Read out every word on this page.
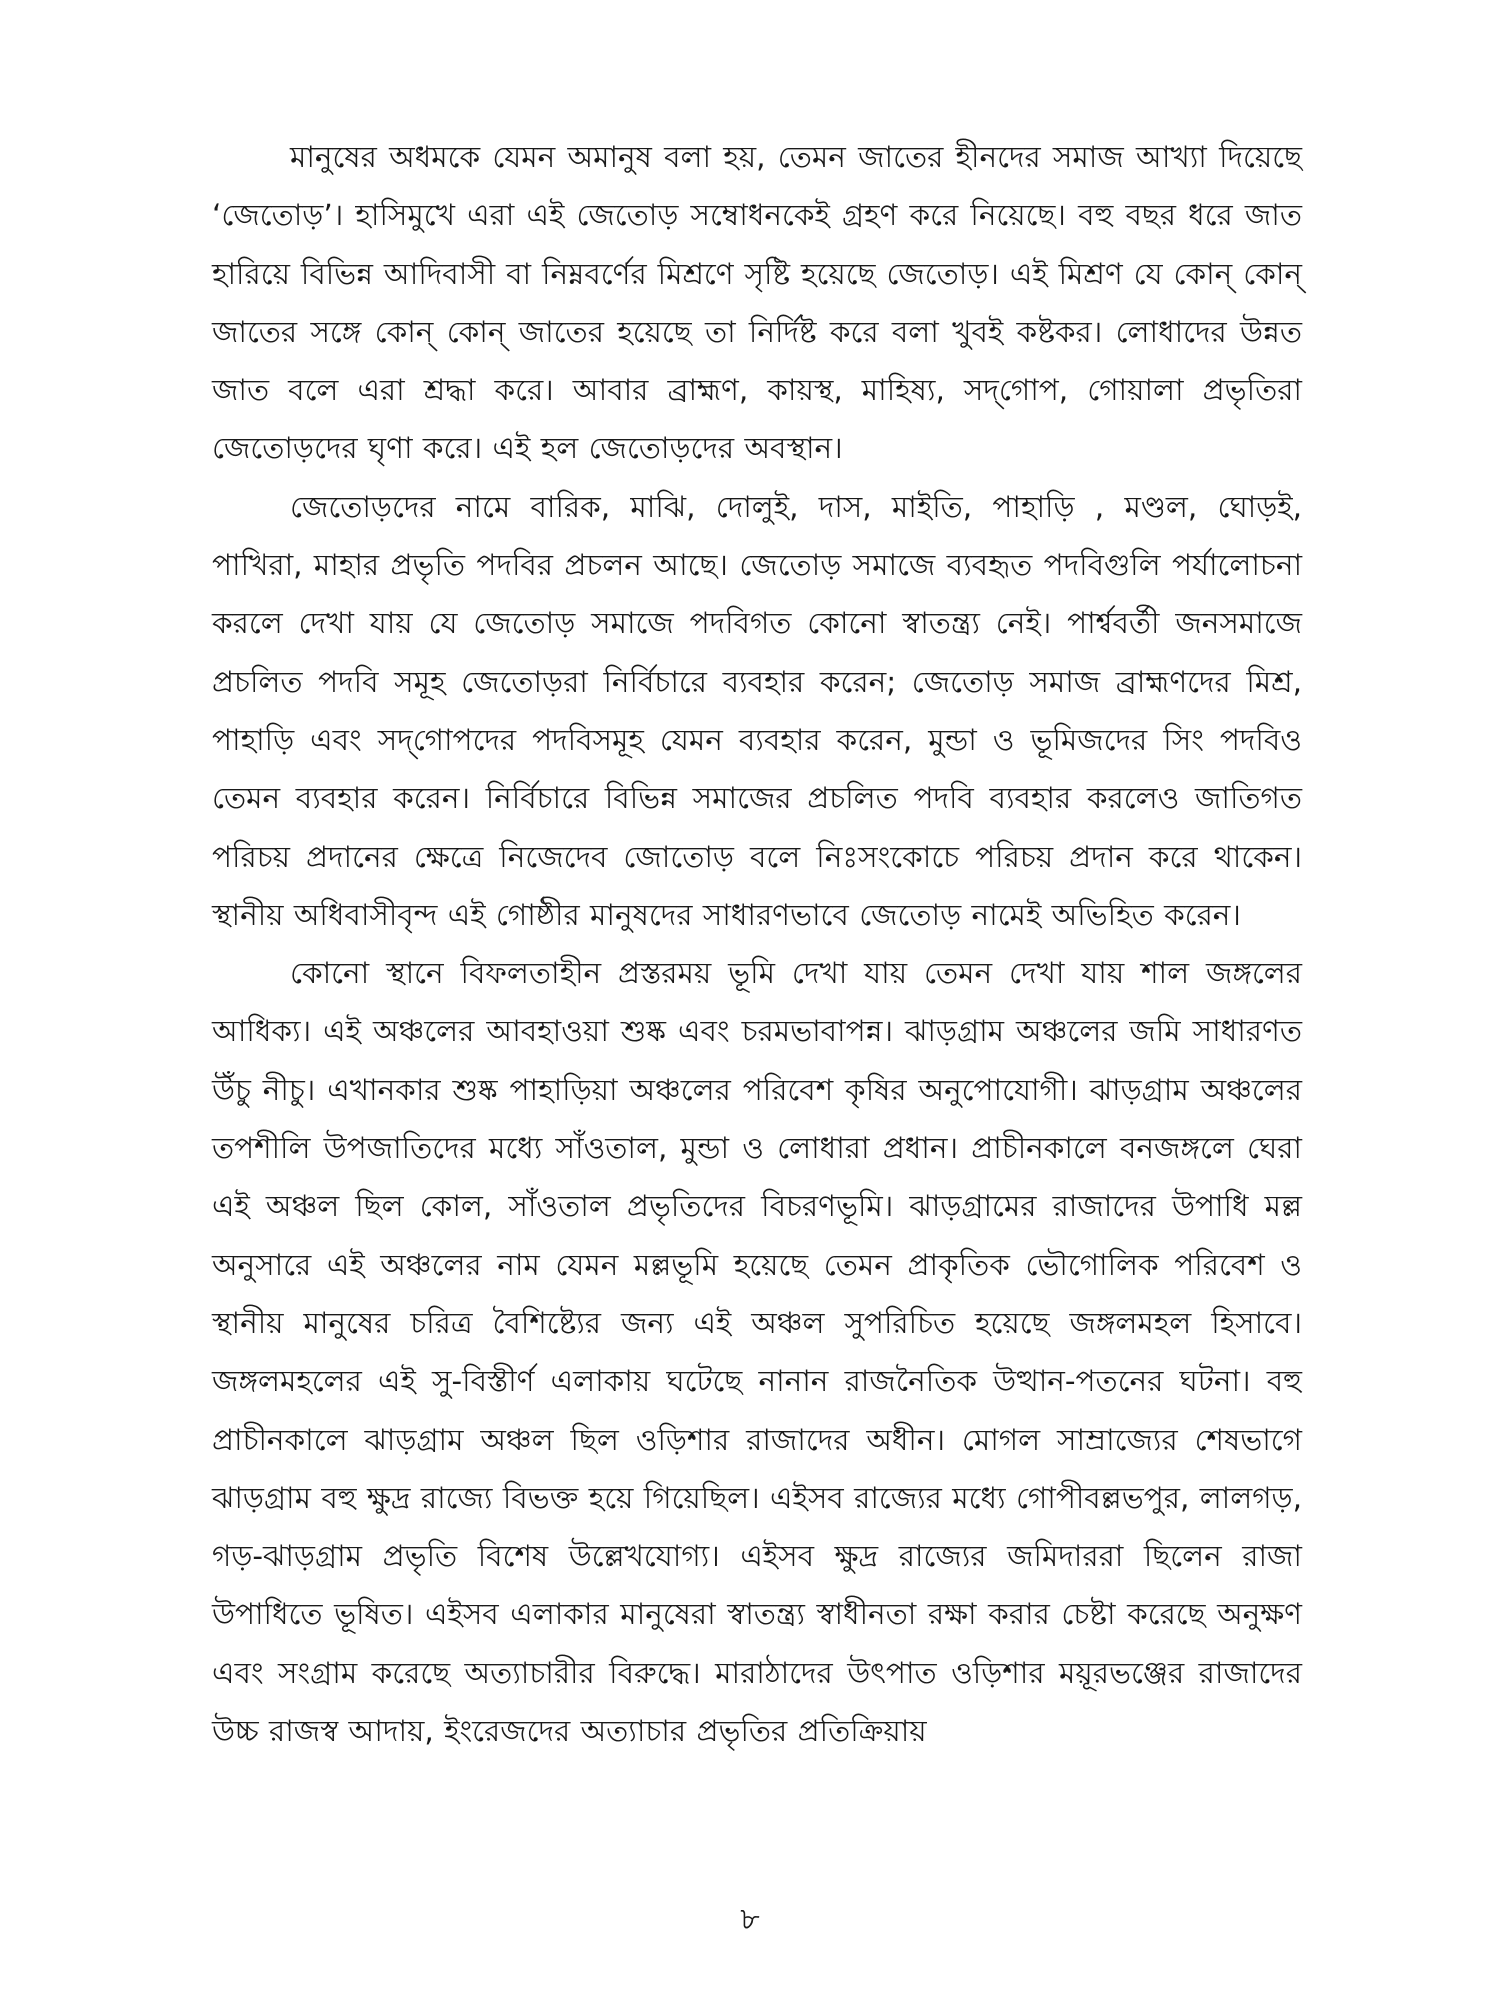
মানুষের অধমকে যেমন অমানুষ বলা হয়, তেমন জাতের হীনদের সমাজ আখ্যা দিয়েছে ‘জেতোড়’। হাসিমুখে এরা এই জেতোড় সম্বোধনকেই গ্রহণ করে নিয়েছে। বহু বছর ধরে জাত হারিয়ে বিভিন্ন আদিবাসী বা নিম্নবর্ণের মিশ্রণে সৃষ্টি হয়েছে জেতোড়। এই মিশ্রণ যে কোন্ কোন্ জাতের সঙ্গে কোন্ কোন্ জাতের হয়েছে তা নির্দিষ্ট করে বলা খুবই কষ্টকর। লোধাদের উন্নত জাত বলে এরা শ্রদ্ধা করে। আবার ব্রাহ্মণ, কায়স্থ, মাহিষ্য, সদ্‌গোপ, গোয়ালা প্রভৃতিরা জেতোড়দের ঘৃণা করে। এই হল জেতোড়দের অবস্থান।

জেতোড়দের নামে বারিক, মাঝি, দোলুই, দাস, মাইতি, পাহাড়ি , মণ্ডল, ঘোড়ই, পাখিরা, মাহার প্রভৃতি পদবির প্রচলন আছে। জেতোড় সমাজে ব্যবহৃত পদবিগুলি পর্যালোচনা করলে দেখা যায় যে জেতোড় সমাজে পদবিগত কোনো স্বাতন্ত্র্য নেই। পার্শ্ববর্তী জনসমাজে প্রচলিত পদবি সমূহ জেতোড়রা নির্বিচারে ব্যবহার করেন; জেতোড় সমাজ ব্রাহ্মণদের মিশ্র, পাহাড়ি এবং সদ্‌গোপদের পদবিসমূহ যেমন ব্যবহার করেন, মুন্ডা ও ভূমিজদের সিং পদবিও তেমন ব্যবহার করেন। নির্বিচারে বিভিন্ন সমাজের প্রচলিত পদবি ব্যবহার করলেও জাতিগত পরিচয় প্রদানের ক্ষেত্রে নিজেদেব জোতোড় বলে নিঃসংকোচে পরিচয় প্রদান করে থাকেন। স্থানীয় অধিবাসীবৃন্দ এই গোষ্ঠীর মানুষদের সাধারণভাবে জেতোড় নামেই অভিহিত করেন।

কোনো স্থানে বিফলতাহীন প্রস্তরময় ভূমি দেখা যায় তেমন দেখা যায় শাল জঙ্গলের আধিক্য। এই অঞ্চলের আবহাওয়া শুষ্ক এবং চরমভাবাপন্ন। ঝাড়গ্রাম অঞ্চলের জমি সাধারণত উঁচু নীচু। এখানকার শুষ্ক পাহাড়িয়া অঞ্চলের পরিবেশ কৃষির অনুপোযোগী। ঝাড়গ্রাম অঞ্চলের তপশীলি উপজাতিদের মধ্যে সাঁওতাল, মুন্ডা ও লোধারা প্রধান। প্রাচীনকালে বনজঙ্গলে ঘেরা এই অঞ্চল ছিল কোল, সাঁওতাল প্রভৃতিদের বিচরণভূমি। ঝাড়গ্রামের রাজাদের উপাধি মল্ল অনুসারে এই অঞ্চলের নাম যেমন মল্লভূমি হয়েছে তেমন প্রাকৃতিক ভৌগোলিক পরিবেশ ও স্থানীয় মানুষের চরিত্র বৈশিষ্ট্যের জন্য এই অঞ্চল সুপরিচিত হয়েছে জঙ্গলমহল হিসাবে। জঙ্গলমহলের এই সু-বিস্তীর্ণ এলাকায় ঘটেছে নানান রাজনৈতিক উত্থান-পতনের ঘটনা। বহু প্রাচীনকালে ঝাড়গ্রাম অঞ্চল ছিল ওড়িশার রাজাদের অধীন। মোগল সাম্রাজ্যের শেষভাগে ঝাড়গ্রাম বহু ক্ষুদ্র রাজ্যে বিভক্ত হয়ে গিয়েছিল। এইসব রাজ্যের মধ্যে গোপীবল্লভপুর, লালগড়, গড়-ঝাড়গ্রাম প্রভৃতি বিশেষ উল্লেখযোগ্য। এইসব ক্ষুদ্র রাজ্যের জমিদাররা ছিলেন রাজা উপাধিতে ভূষিত। এইসব এলাকার মানুষেরা স্বাতন্ত্র্য স্বাধীনতা রক্ষা করার চেষ্টা করেছে অনুক্ষণ এবং সংগ্রাম করেছে অত্যাচারীর বিরুদ্ধে। মারাঠাদের উৎপাত ওড়িশার ময়ূরভঞ্জের রাজাদের উচ্চ রাজস্ব আদায়, ইংরেজদের অত্যাচার প্রভৃতির প্রতিক্রিয়ায়

৮
